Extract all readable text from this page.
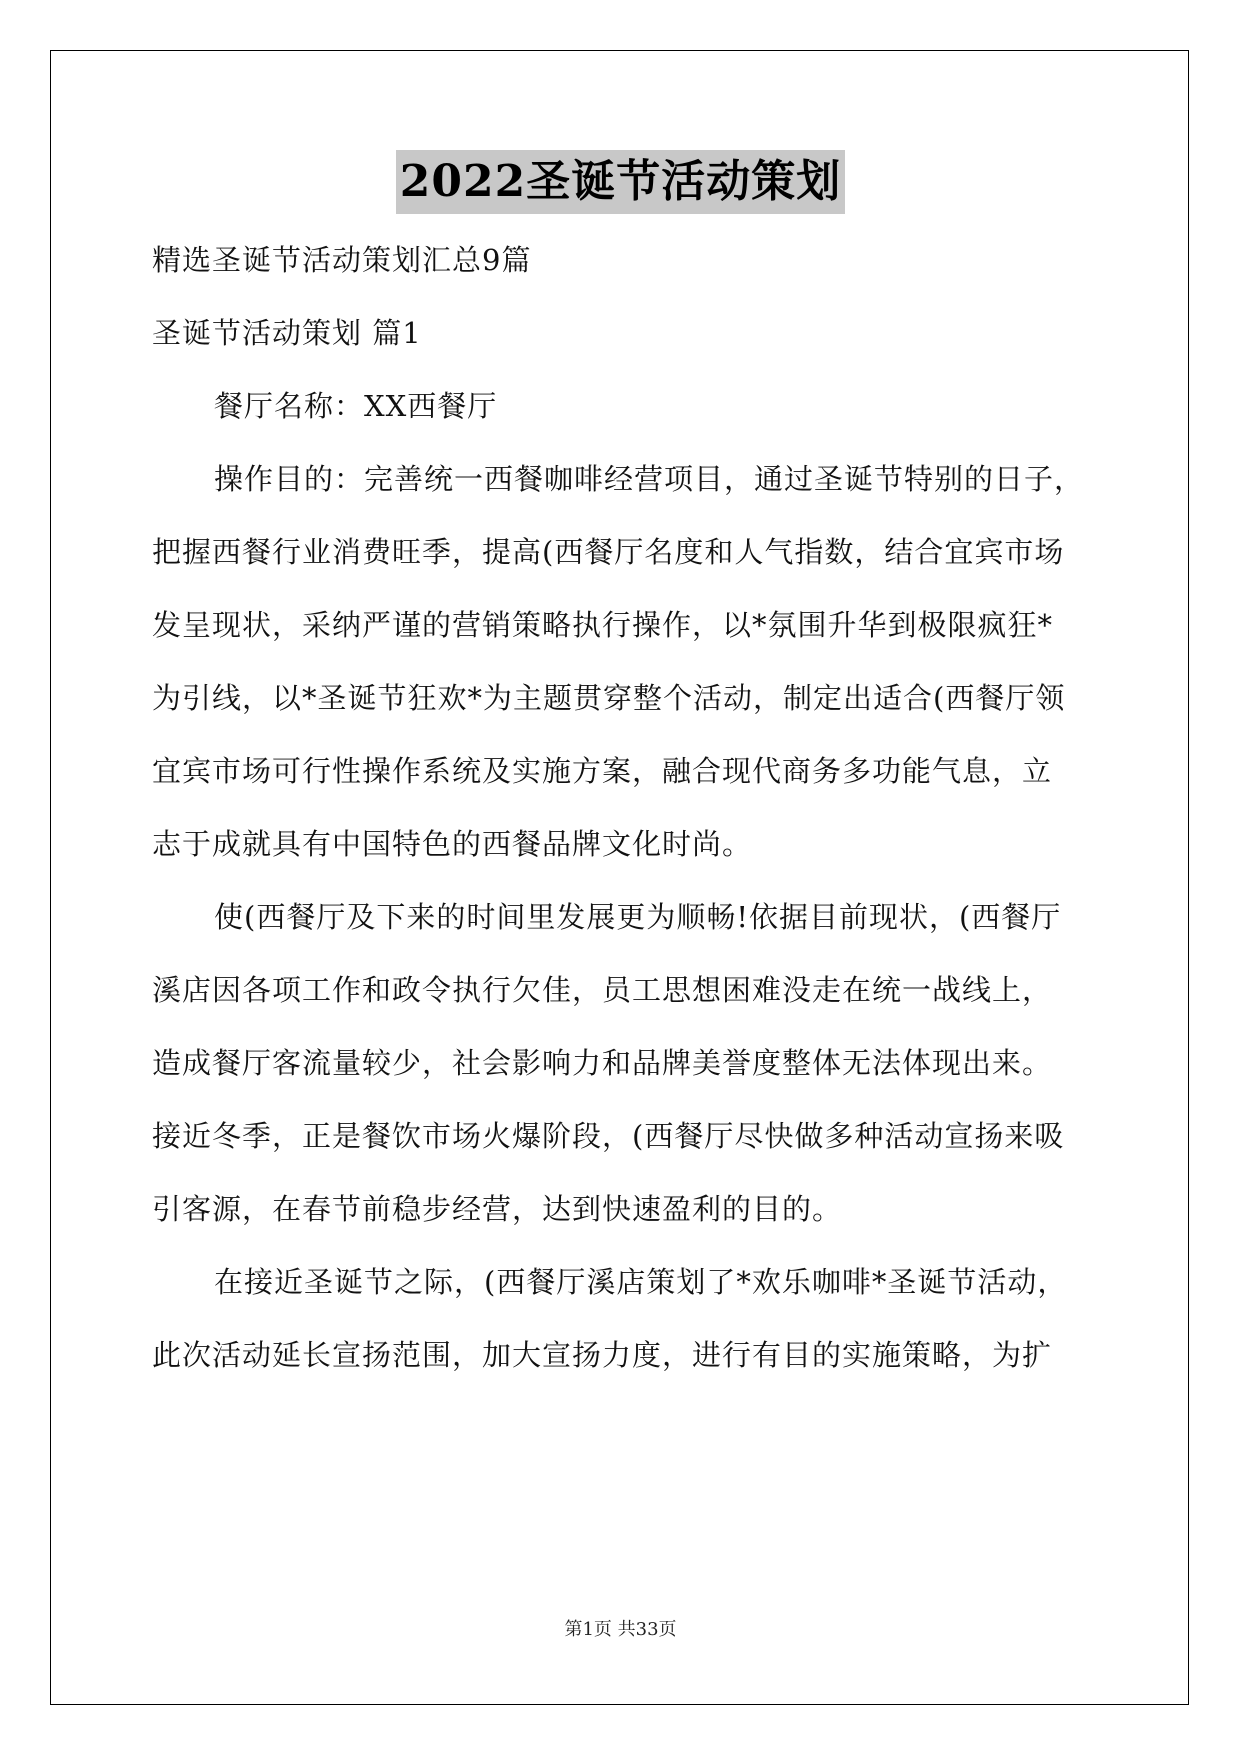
2022圣诞节活动策划
精选圣诞节活动策划汇总9篇
圣诞节活动策划 篇1
餐厅名称：XX西餐厅
操作目的：完善统一西餐咖啡经营项目，通过圣诞节特别的日子，
把握西餐行业消费旺季，提高(西餐厅名度和人气指数，结合宜宾市场
发呈现状，采纳严谨的营销策略执行操作，以*氛围升华到极限疯狂*
为引线，以*圣诞节狂欢*为主题贯穿整个活动，制定出适合(西餐厅领
宜宾市场可行性操作系统及实施方案，融合现代商务多功能气息，立
志于成就具有中国特色的西餐品牌文化时尚。
使(西餐厅及下来的时间里发展更为顺畅!依据目前现状，(西餐厅
溪店因各项工作和政令执行欠佳，员工思想困难没走在统一战线上，
造成餐厅客流量较少，社会影响力和品牌美誉度整体无法体现出来。
接近冬季，正是餐饮市场火爆阶段，(西餐厅尽快做多种活动宣扬来吸
引客源，在春节前稳步经营，达到快速盈利的目的。
在接近圣诞节之际，(西餐厅溪店策划了*欢乐咖啡*圣诞节活动，
此次活动延长宣扬范围，加大宣扬力度，进行有目的实施策略，为扩
第1页 共33页
